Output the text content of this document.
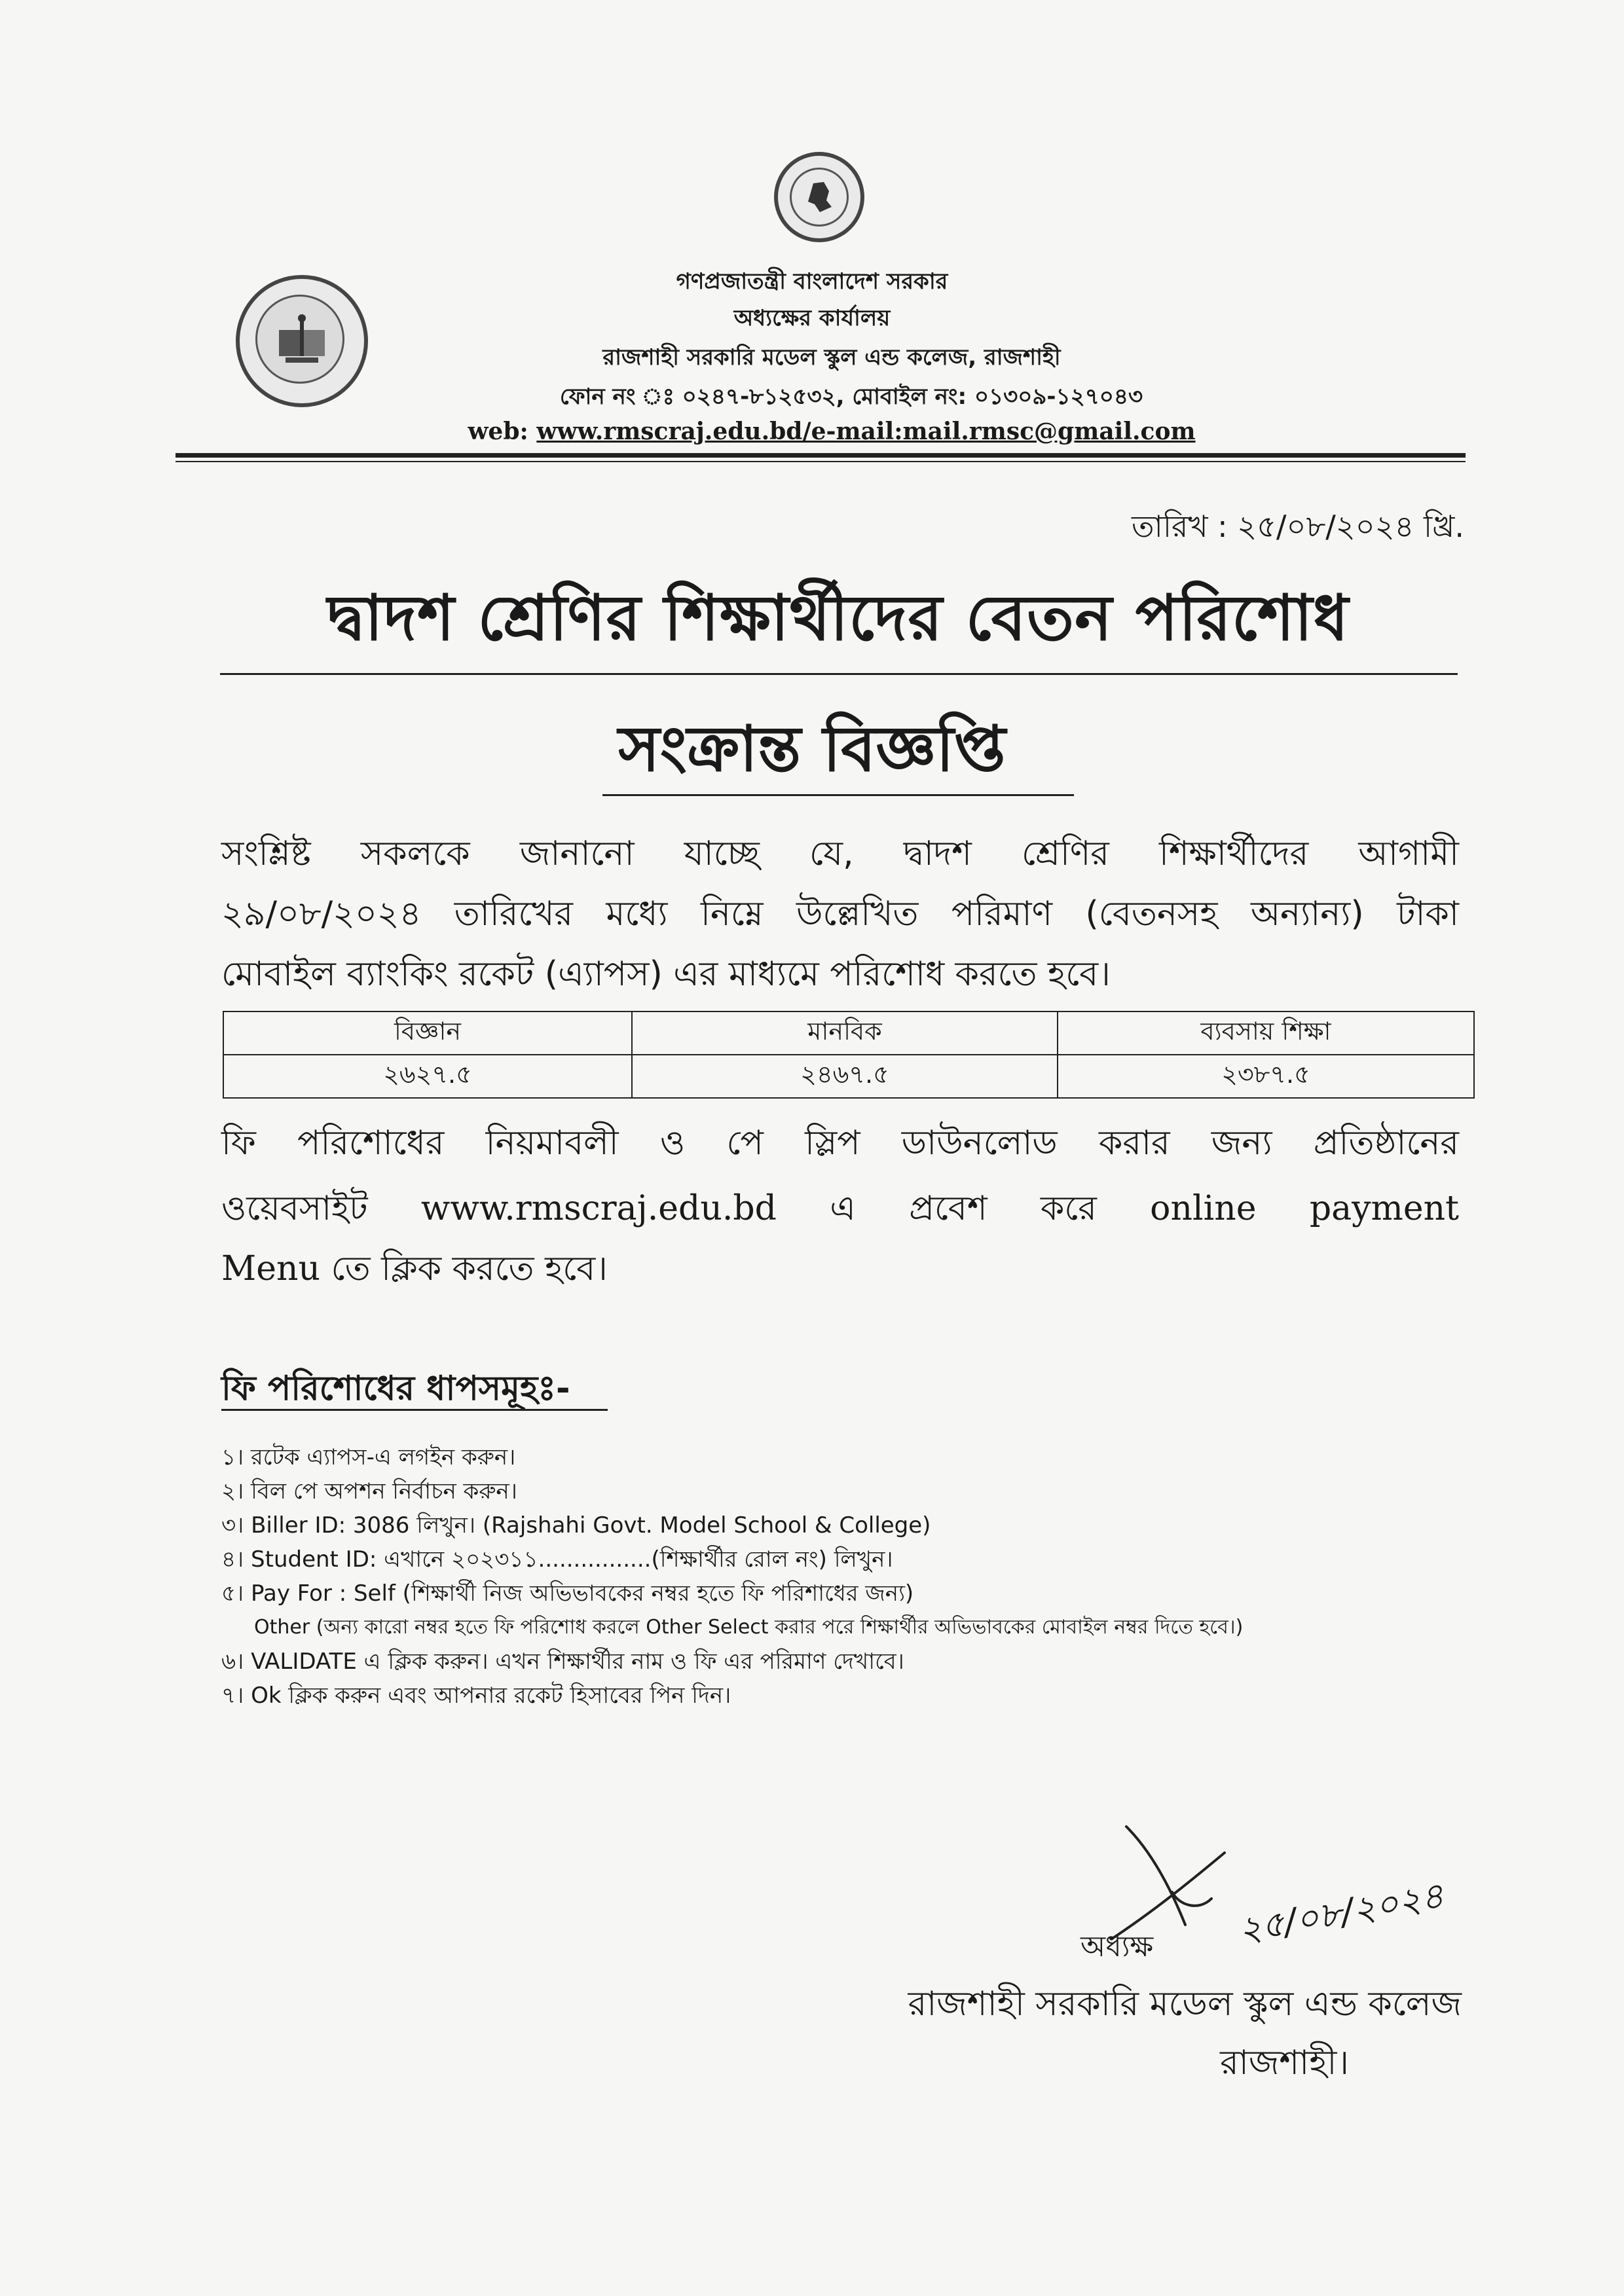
গণপ্রজাতন্ত্রী বাংলাদেশ সরকার
অধ্যক্ষের কার্যালয়
রাজশাহী সরকারি মডেল স্কুল এন্ড কলেজ, রাজশাহী
ফোন নং ঃ ০২৪৭-৮১২৫৩২, মোবাইল নং: ০১৩০৯-১২৭০৪৩
web: www.rmscraj.edu.bd/e-mail:mail.rmsc@gmail.com
তারিখ : ২৫/০৮/২০২৪ খ্রি.
দ্বাদশ শ্রেণির শিক্ষার্থীদের বেতন পরিশোধ
সংক্রান্ত বিজ্ঞপ্তি
সংশ্লিষ্ট সকলকে জানানো যাচ্ছে যে, দ্বাদশ শ্রেণির শিক্ষার্থীদের আগামী
২৯/০৮/২০২৪ তারিখের মধ্যে নিম্নে উল্লেখিত পরিমাণ (বেতনসহ অন্যান্য) টাকা
মোবাইল ব্যাংকিং রকেট (এ্যাপস) এর মাধ্যমে পরিশোধ করতে হবে।
বিজ্ঞান	মানবিক	ব্যবসায় শিক্ষা
২৬২৭.৫	২৪৬৭.৫	২৩৮৭.৫
ফি পরিশোধের নিয়মাবলী ও পে স্লিপ ডাউনলোড করার জন্য প্রতিষ্ঠানের
ওয়েবসাইট www.rmscraj.edu.bd এ প্রবেশ করে online payment
Menu তে ক্লিক করতে হবে।
ফি পরিশোধের ধাপসমূহঃ-
১। রটেক এ্যাপস-এ লগইন করুন।
২। বিল পে অপশন নির্বাচন করুন।
৩। Biller ID: 3086 লিখুন। (Rajshahi Govt. Model School & College)
৪। Student ID: এখানে ২০২৩১১................(শিক্ষার্থীর রোল নং) লিখুন।
৫। Pay For : Self (শিক্ষার্থী নিজ অভিভাবকের নম্বর হতে ফি পরিশাধের জন্য)
Other (অন্য কারো নম্বর হতে ফি পরিশোধ করলে Other Select করার পরে শিক্ষার্থীর অভিভাবকের মোবাইল নম্বর দিতে হবে।)
৬। VALIDATE এ ক্লিক করুন। এখন শিক্ষার্থীর নাম ও ফি এর পরিমাণ দেখাবে।
৭। Ok ক্লিক করুন এবং আপনার রকেট হিসাবের পিন দিন।
২৫/০৮/২০২৪
অধ্যক্ষ
রাজশাহী সরকারি মডেল স্কুল এন্ড কলেজ
রাজশাহী।
